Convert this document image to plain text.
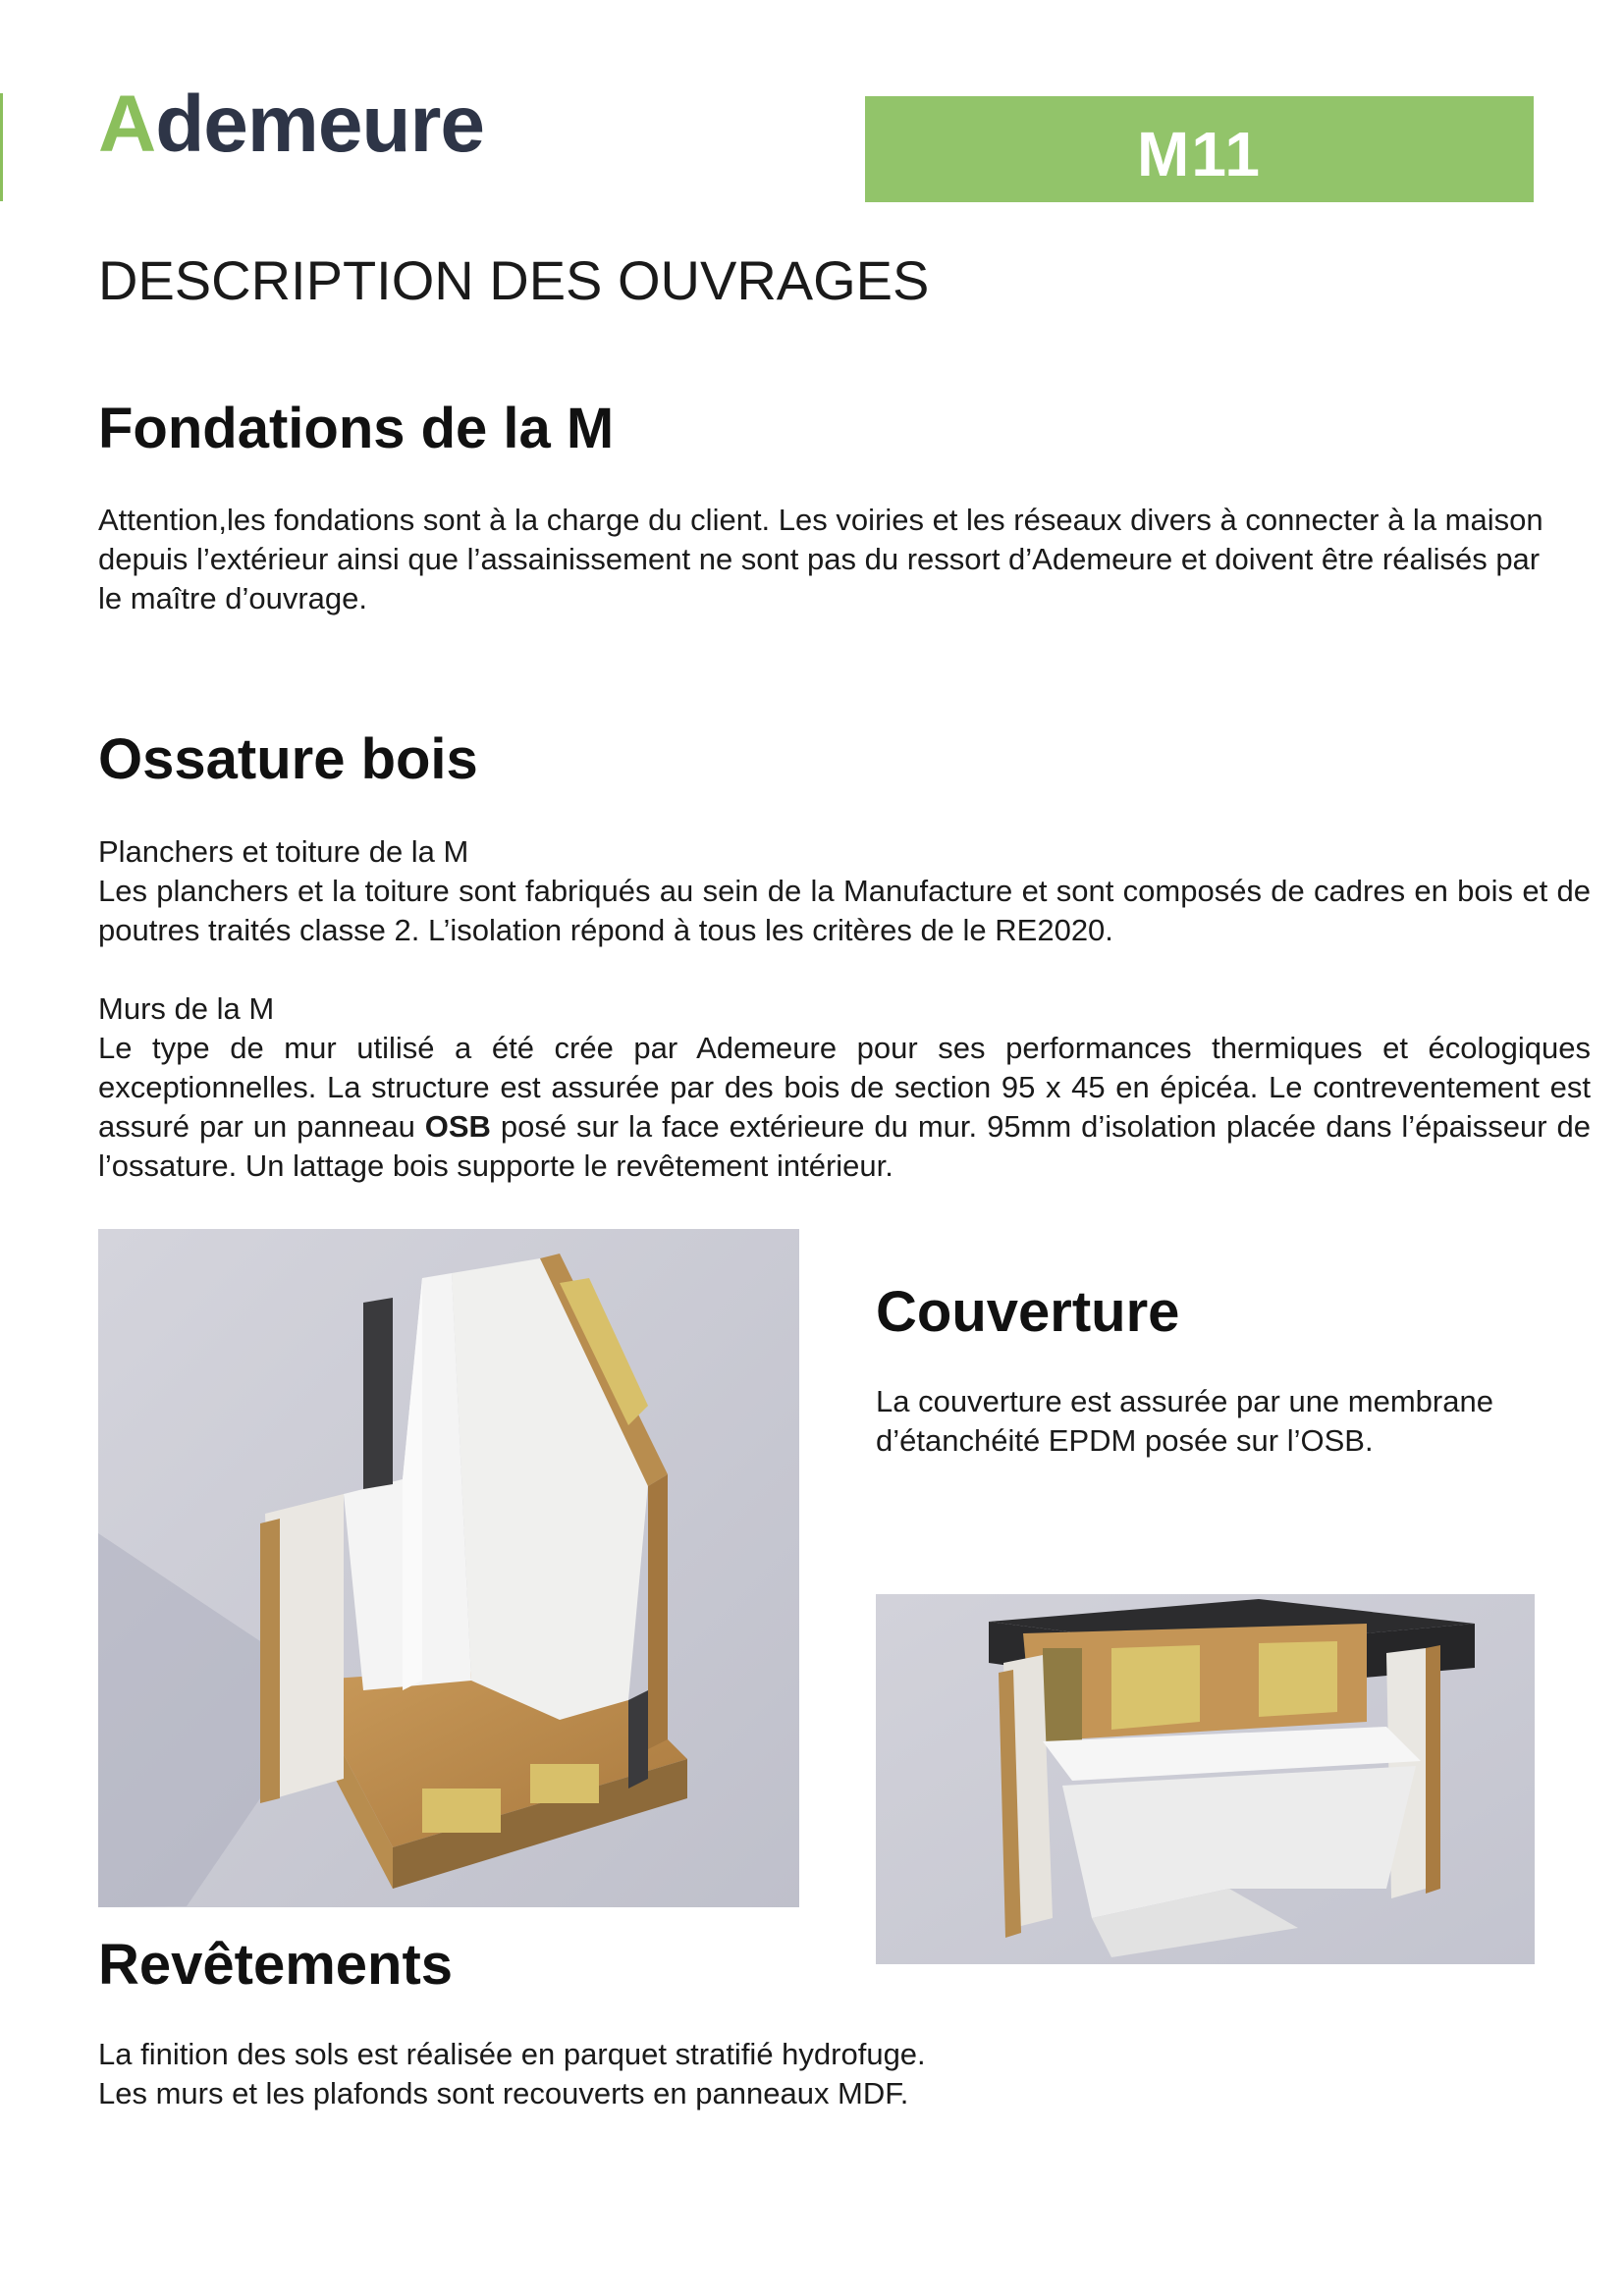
Ademeure	M11
DESCRIPTION DES OUVRAGES
Fondations de la M

Attention,les fondations sont à la charge du client. Les voiries et les réseaux divers à connecter à la maison depuis l’extérieur ainsi que l’assainissement ne sont pas du ressort d’Ademeure et doivent être réalisés par le maître d’ouvrage.

Ossature bois

Planchers et toiture de la M

Les planchers et la toiture sont fabriqués au sein de la Manufacture et sont composés de cadres en bois et de poutres traités classe 2. L’isolation répond à tous les critères de le RE2020.

Murs de la M

Le type de mur utilisé a été crée par Ademeure pour ses performances thermiques et écologiques exceptionnelles. La structure est assurée par des bois de section 95 x 45 en épicéa. Le contreventement est assuré par un panneau OSB posé sur la face extérieure du mur. 95mm d’isolation placée dans l’épaisseur de l’ossature. Un lattage bois supporte le revêtement intérieur.

Couverture

La couverture est assurée par une membrane d’étanchéité EPDM posée sur l’OSB.

Revêtements

La finition des sols est réalisée en parquet stratifié hydrofuge.

Les murs et les plafonds sont recouverts en panneaux MDF.
